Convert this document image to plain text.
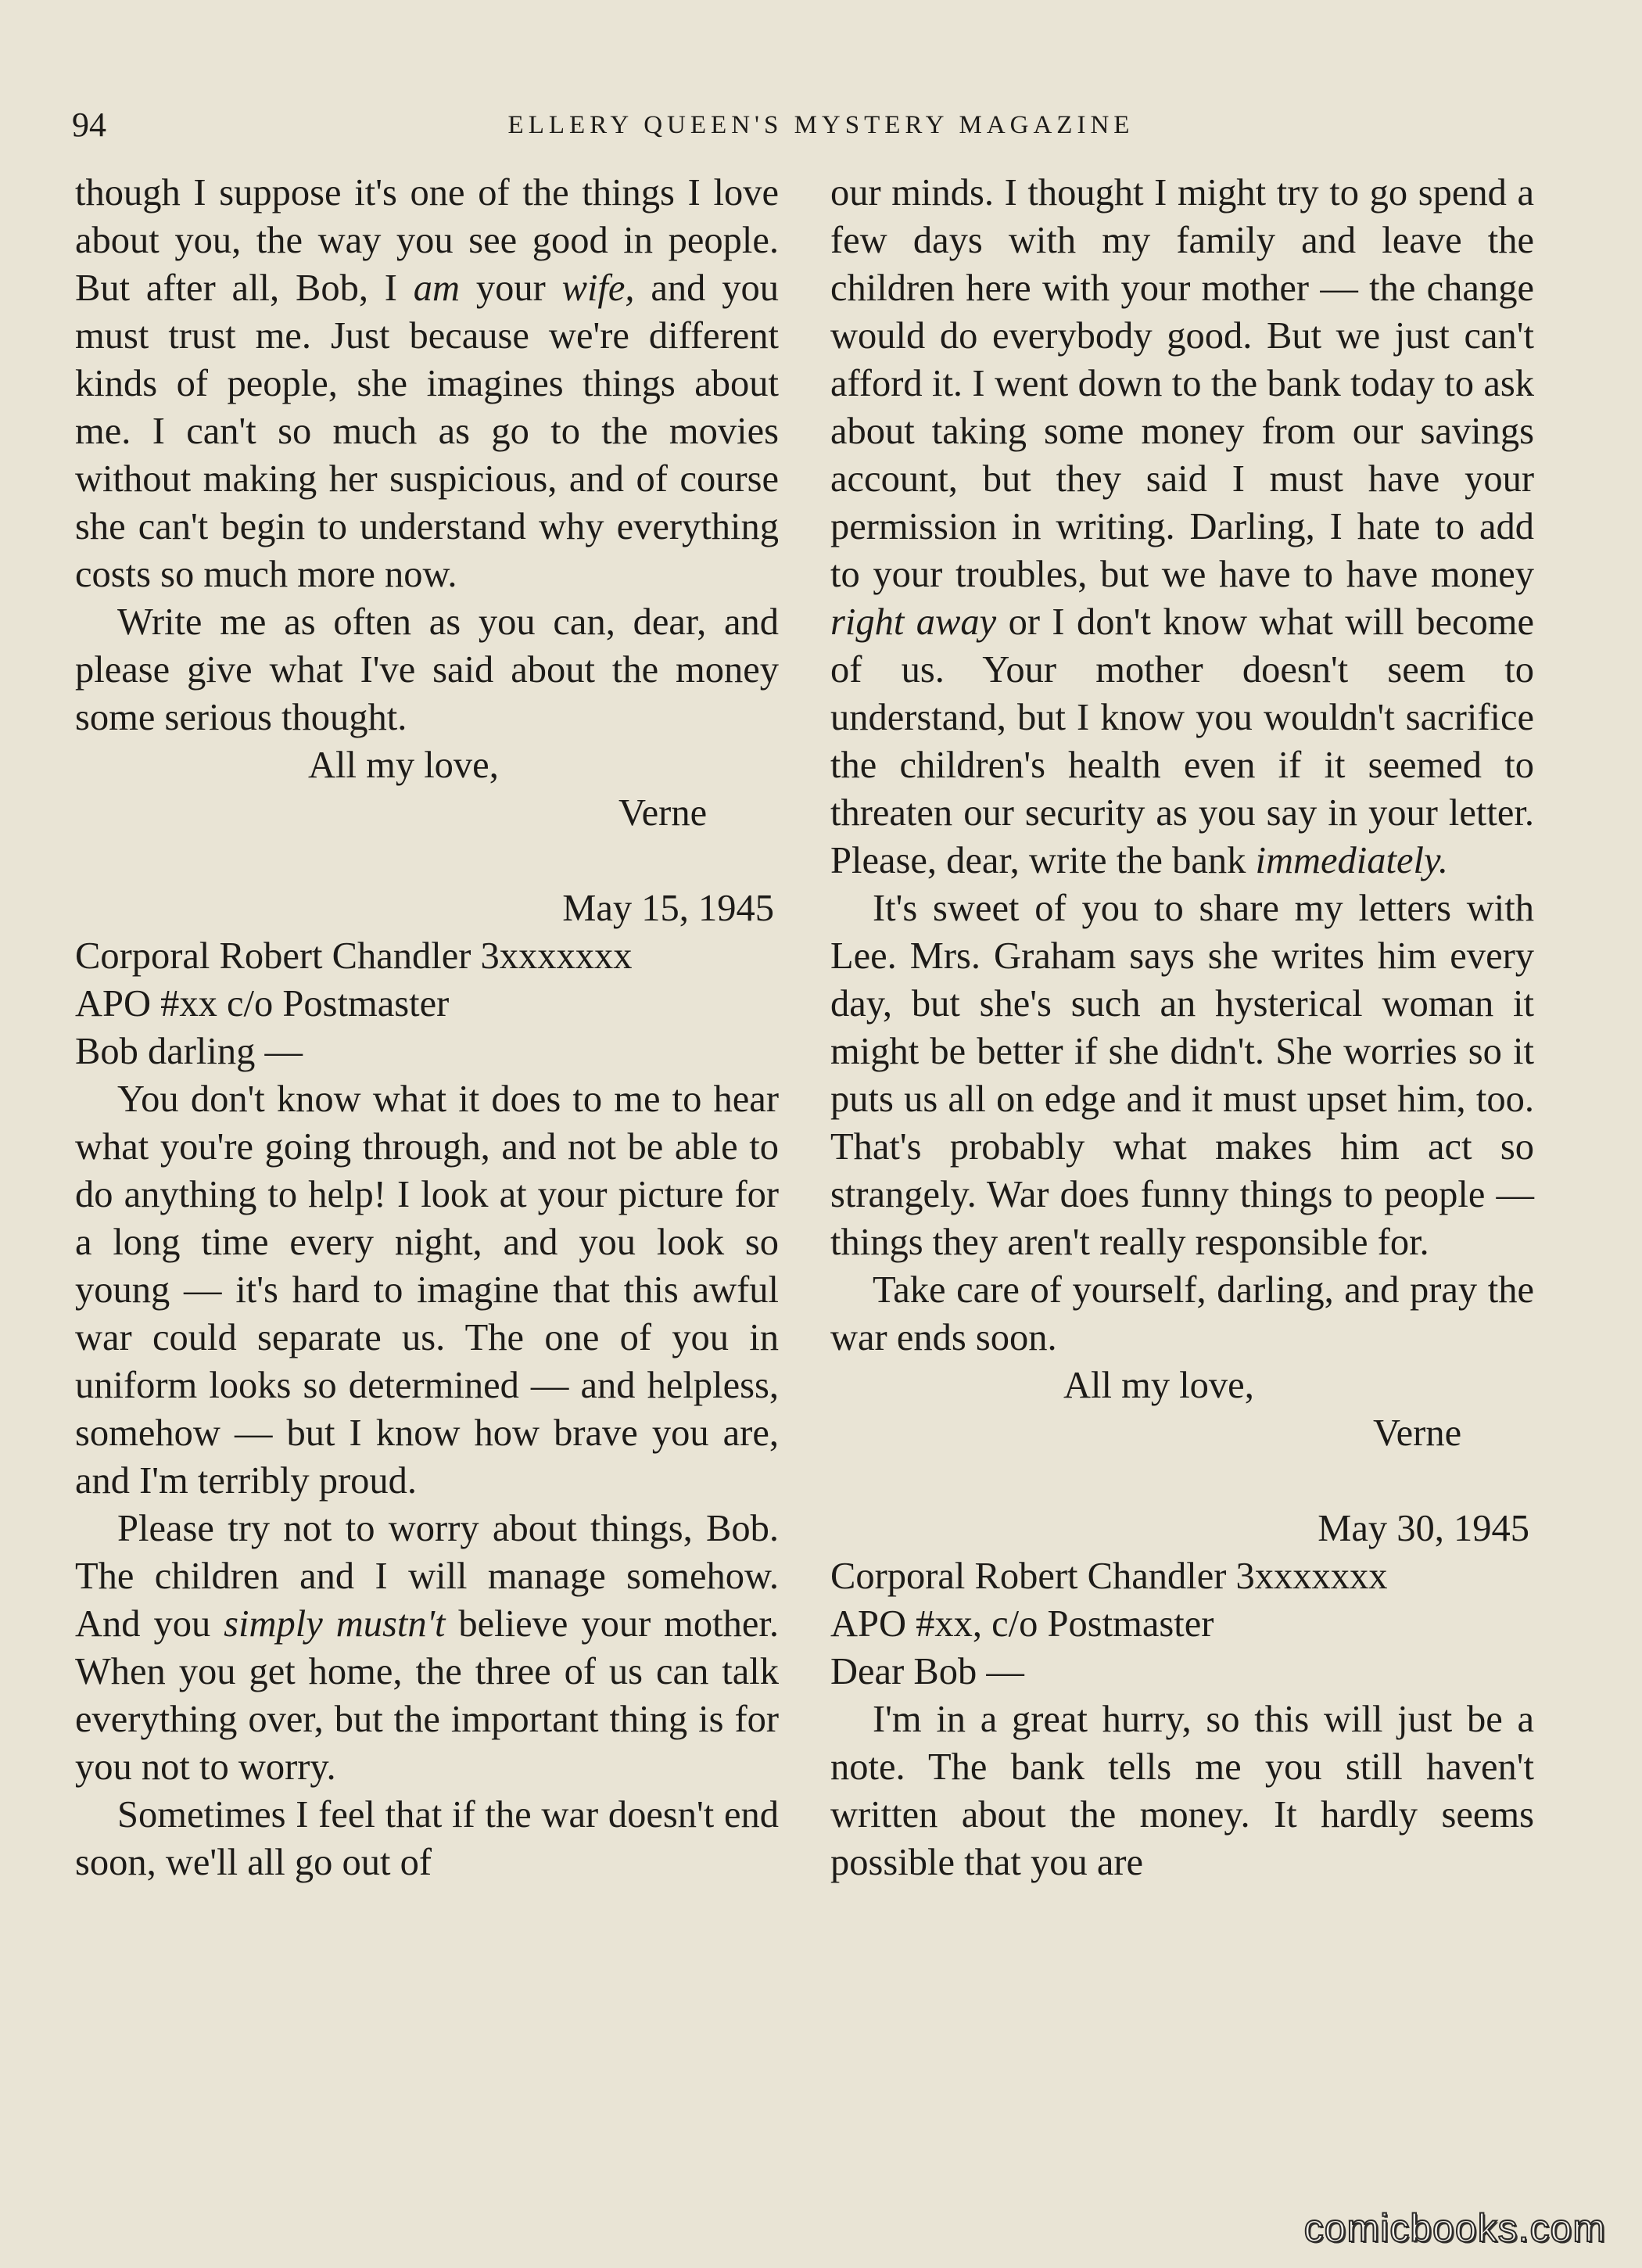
94	ELLERY QUEEN'S MYSTERY MAGAZINE

though I suppose it's one of the things I love about you, the way you see good in people. But after all, Bob, I am your wife, and you must trust me. Just because we're different kinds of people, she imagines things about me. I can't so much as go to the movies without making her suspicious, and of course she can't begin to understand why everything costs so much more now.

Write me as often as you can, dear, and please give what I've said about the money some serious thought.

All my love,

Verne

May 15, 1945

Corporal Robert Chandler 3xxxxxxx

APO #xx c/o Postmaster

Bob darling —

You don't know what it does to me to hear what you're going through, and not be able to do anything to help! I look at your picture for a long time every night, and you look so young — it's hard to imagine that this awful war could separate us. The one of you in uniform looks so determined — and helpless, somehow — but I know how brave you are, and I'm terribly proud.

Please try not to worry about things, Bob. The children and I will manage somehow. And you simply mustn't believe your mother. When you get home, the three of us can talk everything over, but the important thing is for you not to worry.

Sometimes I feel that if the war doesn't end soon, we'll all go out of

our minds. I thought I might try to go spend a few days with my family and leave the children here with your mother — the change would do everybody good. But we just can't afford it. I went down to the bank today to ask about taking some money from our savings account, but they said I must have your permission in writing. Darling, I hate to add to your troubles, but we have to have money right away or I don't know what will become of us. Your mother doesn't seem to understand, but I know you wouldn't sacrifice the children's health even if it seemed to threaten our security as you say in your letter. Please, dear, write the bank immediately.

It's sweet of you to share my letters with Lee. Mrs. Graham says she writes him every day, but she's such an hysterical woman it might be better if she didn't. She worries so it puts us all on edge and it must upset him, too. That's probably what makes him act so strangely. War does funny things to people — things they aren't really responsible for.

Take care of yourself, darling, and pray the war ends soon.

All my love,

Verne

May 30, 1945

Corporal Robert Chandler 3xxxxxxx

APO #xx, c/o Postmaster

Dear Bob —

I'm in a great hurry, so this will just be a note. The bank tells me you still haven't written about the money. It hardly seems possible that you are

comicbooks.com
